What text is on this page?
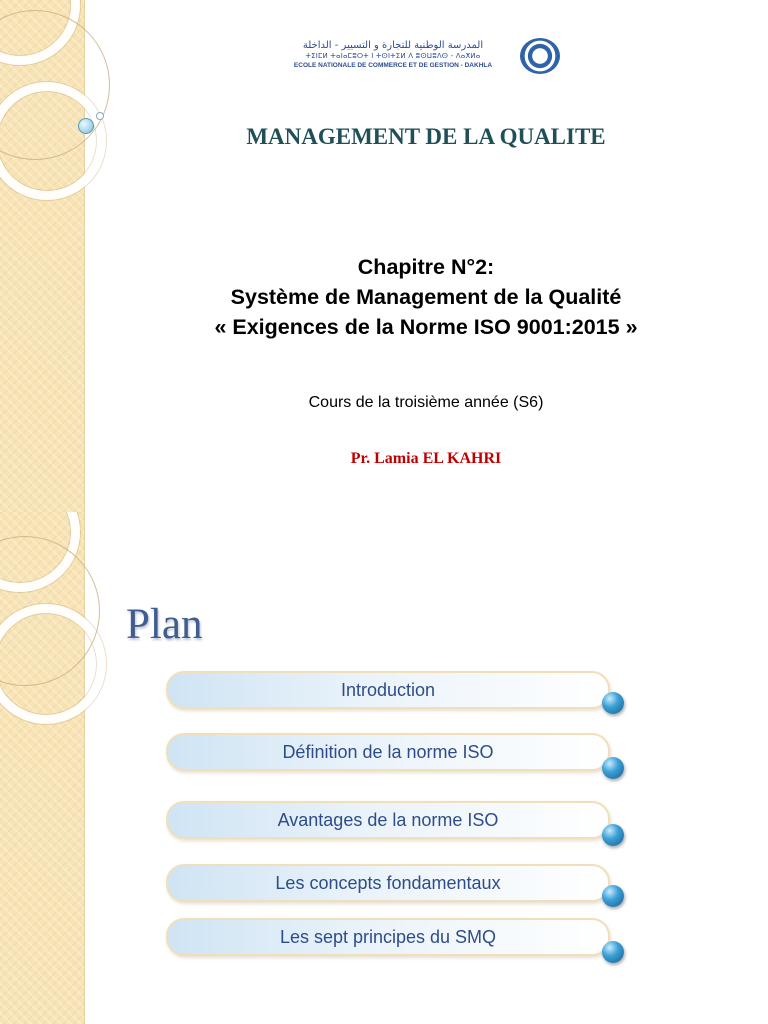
المدرسة الوطنية للتجارة و التسيير - الداخلة
ⵜⵉⵏⵎⵍ ⵜⴰⵏⴰⵎⵓⵔⵜ ⵏ ⵜⵙⵏⵜⵉⵍ ⴷ ⵓⵙⵡⵓⴷⵙ - ⴷⴰⵅⵍⴰ
ECOLE NATIONALE DE COMMERCE ET DE GESTION - DAKHLA
MANAGEMENT DE LA QUALITE
Chapitre N°2:
Système de Management de la Qualité
« Exigences de la Norme ISO 9001:2015 »
Cours de la troisième année (S6)
Pr. Lamia EL KAHRI
Plan
Introduction
Définition de la norme ISO
Avantages de la norme ISO
Les concepts fondamentaux
Les sept principes du SMQ
